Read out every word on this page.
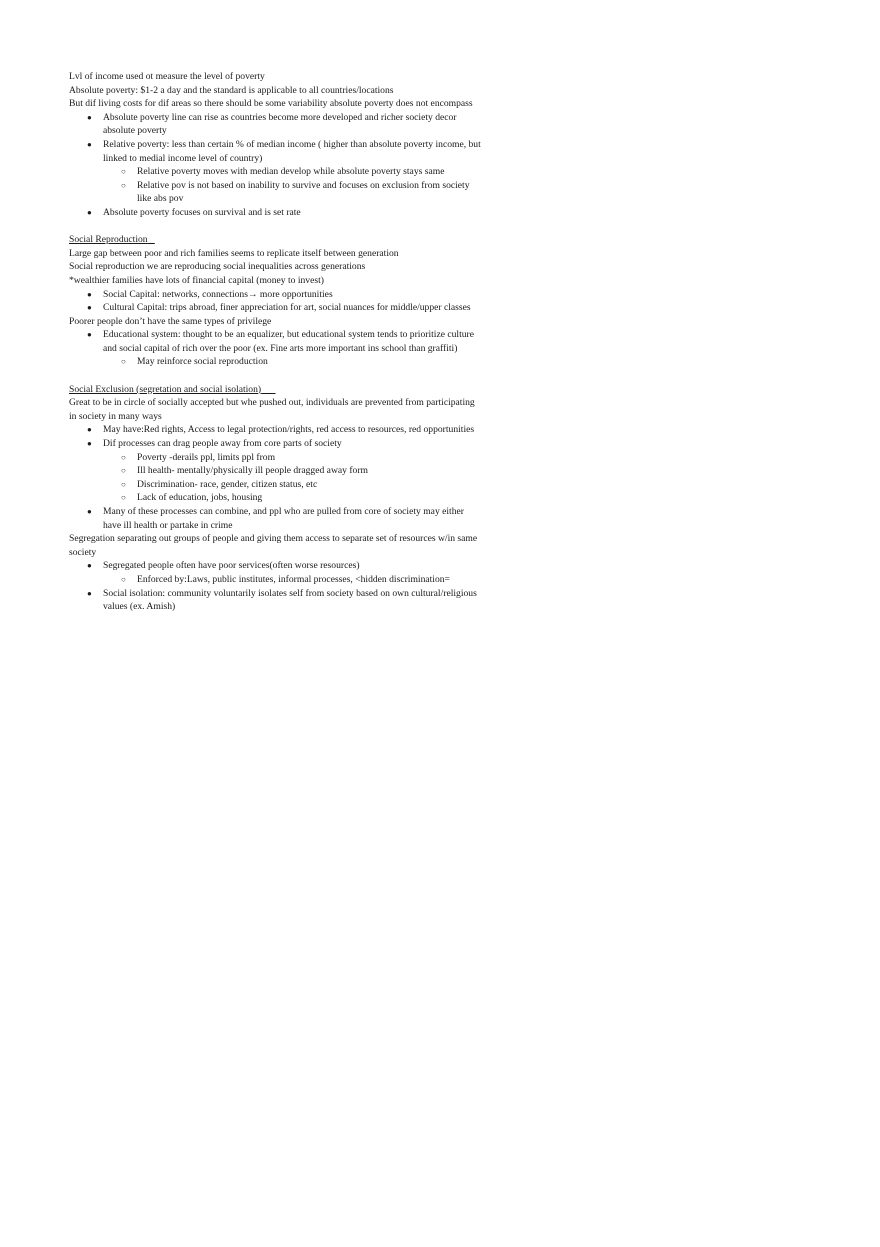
Lvl of income used ot measure the level of poverty

Absolute poverty: $1-2 a day and the standard is applicable to all countries/locations

But dif living costs for dif areas so there should be some variability absolute poverty does not encompass

● Absolute poverty line can rise as countries become more developed and richer society decor absolute poverty
● Relative poverty: less than certain % of median income ( higher than absolute poverty income, but linked to medial income level of country)
○ Relative poverty moves with median develop while absolute poverty stays same
○ Relative pov is not based on inability to survive and focuses on exclusion from society like abs pov
● Absolute poverty focuses on survival and is set rate

Social Reproduction

Large gap between poor and rich families seems to replicate itself between generation

Social reproduction we are reproducing social inequalities across generations

*wealthier families have lots of financial capital (money to invest)

● Social Capital: networks, connections→ more opportunities
● Cultural Capital: trips abroad, finer appreciation for art, social nuances for middle/upper classes

Poorer people don’t have the same types of privilege

● Educational system: thought to be an equalizer, but educational system tends to prioritize culture and social capital of rich over the poor (ex. Fine arts more important ins school than graffiti)
○ May reinforce social reproduction

Social Exclusion (segretation and social isolation)

Great to be in circle of socially accepted but whe pushed out, individuals are prevented from participating in society in many ways

● May have:Red rights, Access to legal protection/rights, red access to resources, red opportunities
● Dif processes can drag people away from core parts of society
○ Poverty -derails ppl, limits ppl from
○ Ill health- mentally/physically ill people dragged away form
○ Discrimination- race, gender, citizen status, etc
○ Lack of education, jobs, housing
● Many of these processes can combine, and ppl who are pulled from core of society may either have ill health or partake in crime

Segregation separating out groups of people and giving them access to separate set of resources w/in same society

● Segregated people often have poor services(often worse resources)
○ Enforced by:Laws, public institutes, informal processes, <hidden discrimination=
● Social isolation: community voluntarily isolates self from society based on own cultural/religious values (ex. Amish)
